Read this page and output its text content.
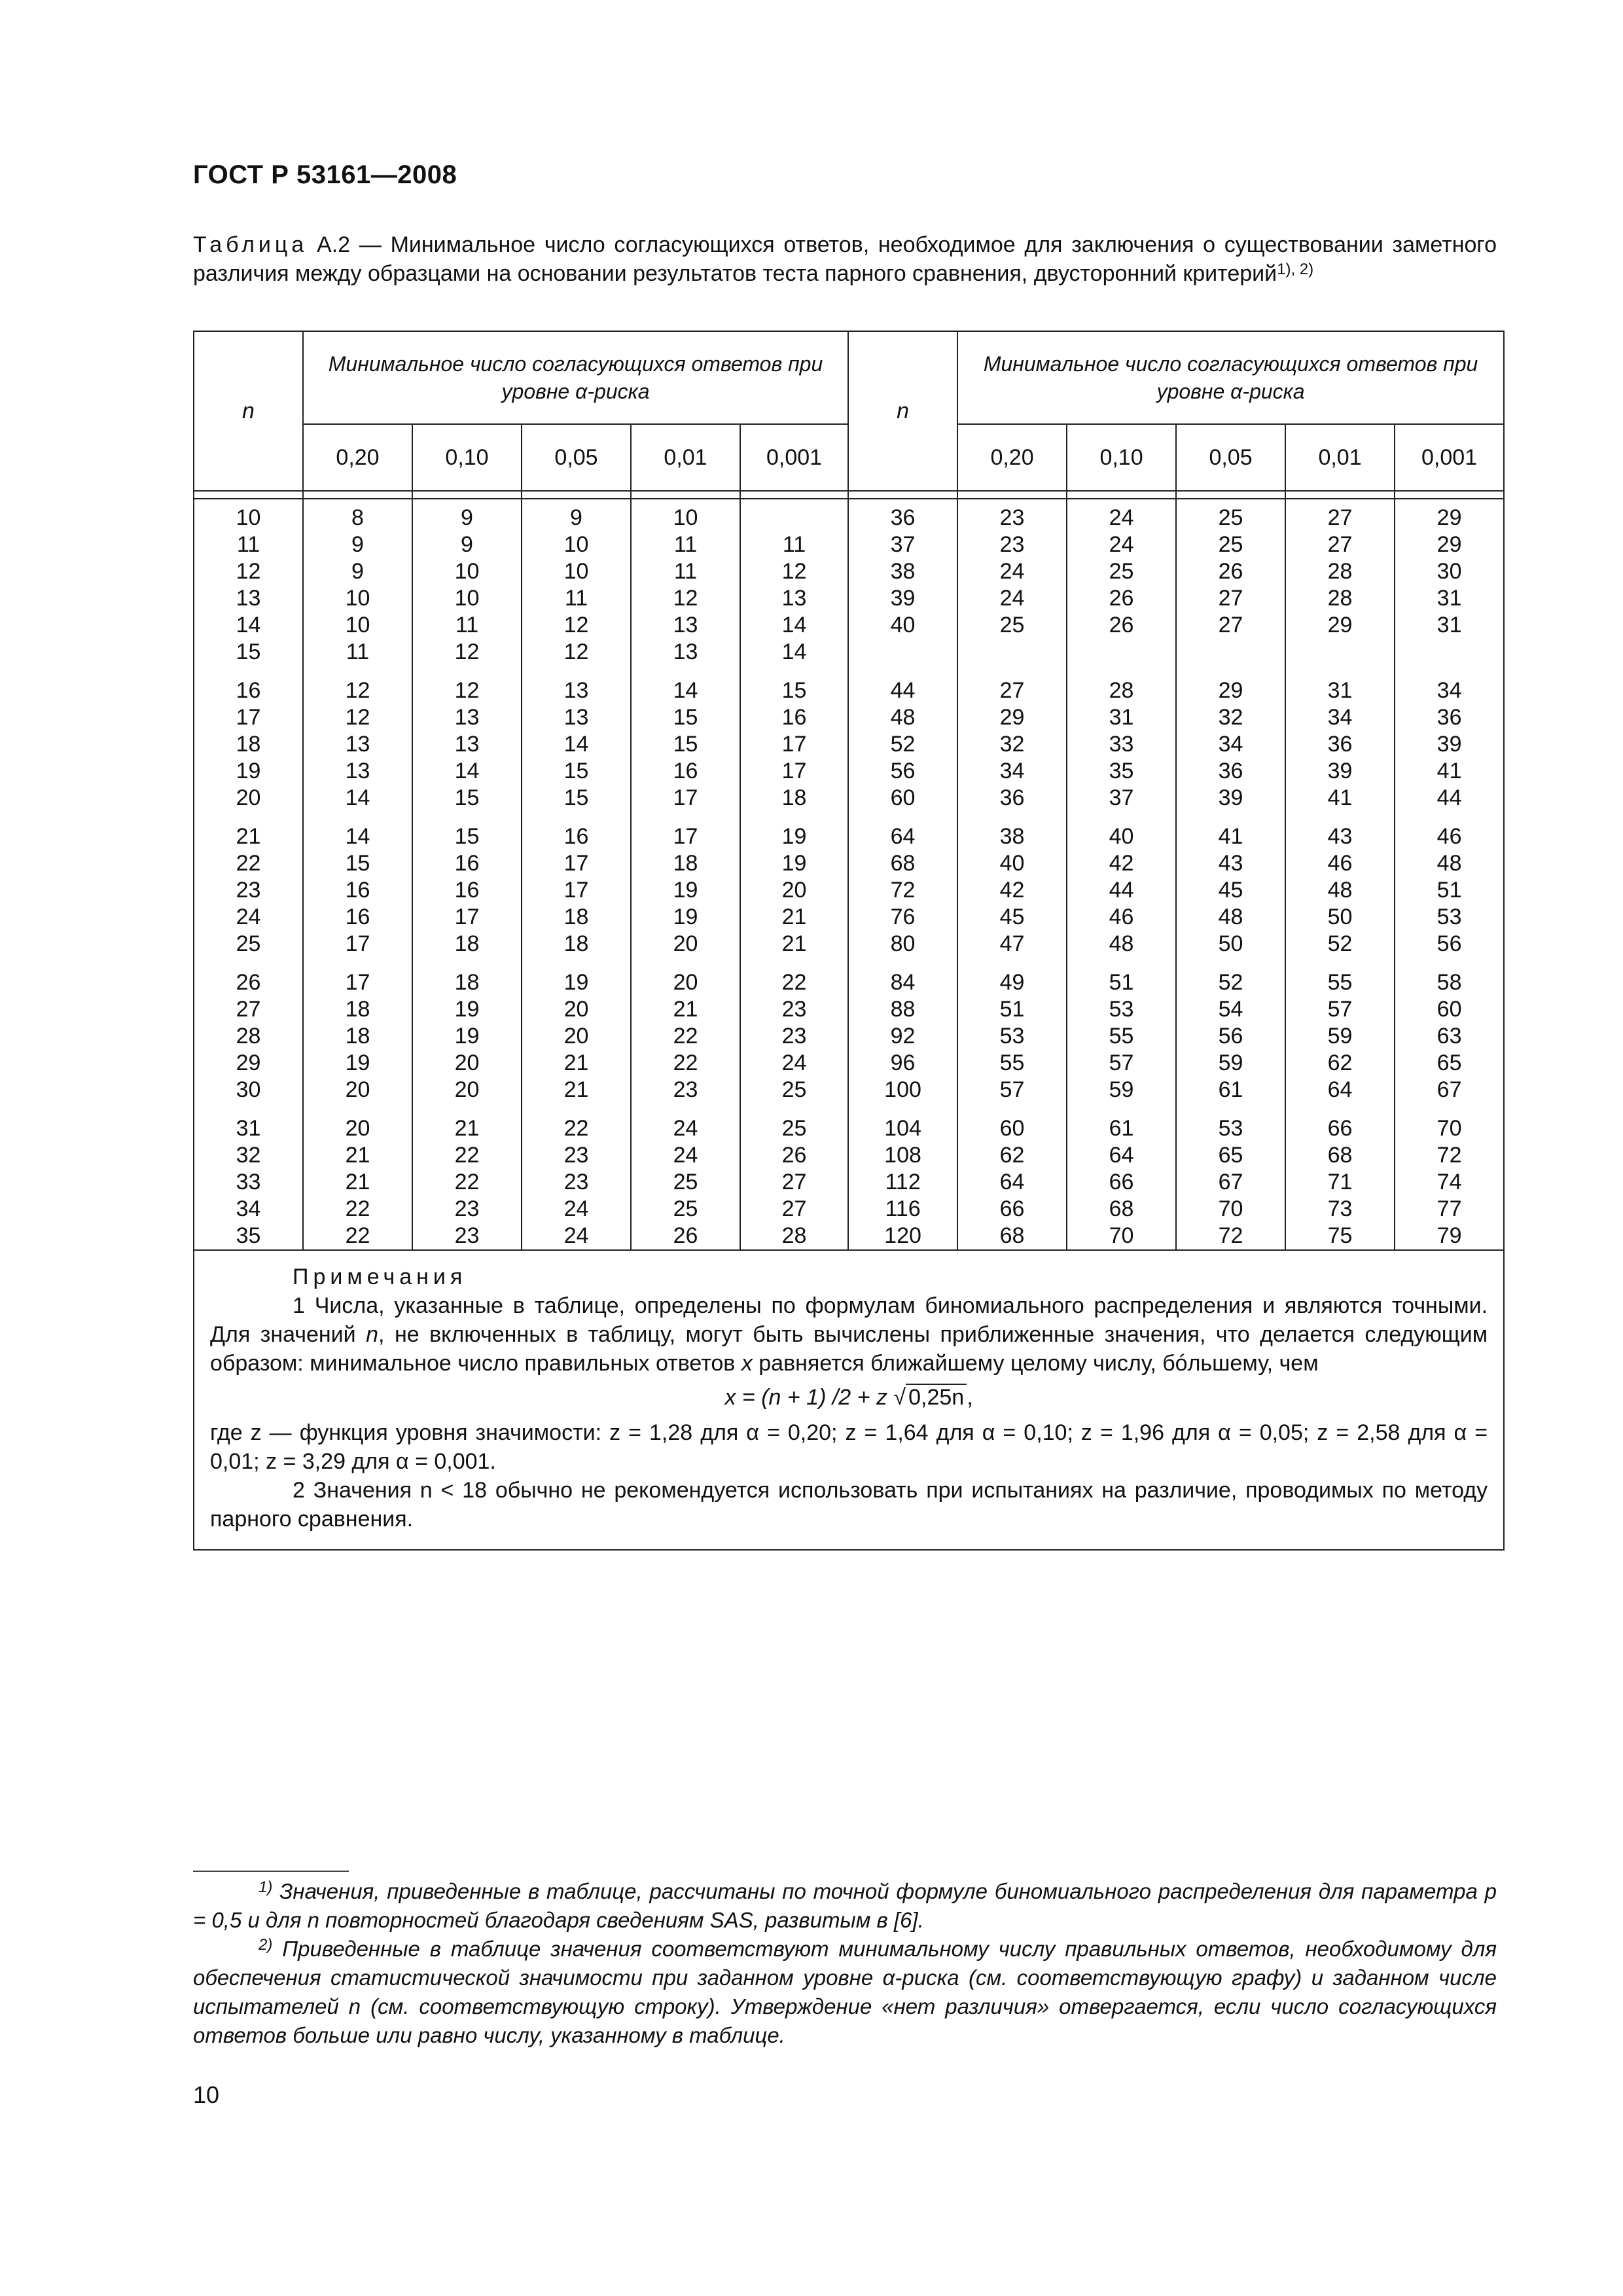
ГОСТ Р 53161—2008
Таблица А.2 — Минимальное число согласующихся ответов, необходимое для заключения о существовании заметного различия между образцами на основании результатов теста парного сравнения, двусторонний критерий$^{1), 2)}$
n	Минимальное число согласующихся ответов при уровне α-риска					n	Минимальное число согласующихся ответов при уровне α-риска				
	0,20	0,10	0,05	0,01	0,001		0,20	0,10	0,05	0,01	0,001

10	8	9	9	10		36	23	24	25	27	29
11	9	9	10	11	11	37	23	24	25	27	29
12	9	10	10	11	12	38	24	25	26	28	30
13	10	10	11	12	13	39	24	26	27	28	31
14	10	11	12	13	14	40	25	26	27	29	31
15	11	12	12	13	14						
16	12	12	13	14	15	44	27	28	29	31	34
17	12	13	13	15	16	48	29	31	32	34	36
18	13	13	14	15	17	52	32	33	34	36	39
19	13	14	15	16	17	56	34	35	36	39	41
20	14	15	15	17	18	60	36	37	39	41	44
21	14	15	16	17	19	64	38	40	41	43	46
22	15	16	17	18	19	68	40	42	43	46	48
23	16	16	17	19	20	72	42	44	45	48	51
24	16	17	18	19	21	76	45	46	48	50	53
25	17	18	18	20	21	80	47	48	50	52	56
26	17	18	19	20	22	84	49	51	52	55	58
27	18	19	20	21	23	88	51	53	54	57	60
28	18	19	20	22	23	92	53	55	56	59	63
29	19	20	21	22	24	96	55	57	59	62	65
30	20	20	21	23	25	100	57	59	61	64	67
31	20	21	22	24	25	104	60	61	53	66	70
32	21	22	23	24	26	108	62	64	65	68	72
33	21	22	23	25	27	112	64	66	67	71	74
34	22	23	24	25	27	116	66	68	70	73	77
35	22	23	24	26	28	120	68	70	72	75	79

Примечания
1 Числа, указанные в таблице, определены по формулам биномиального распределения и являются точными. Для значений n, не включенных в таблицу, могут быть вычислены приближенные значения, что делается следующим образом: минимальное число правильных ответов x равняется ближайшему целому числу, бóльшему, чем
x = (n + 1) /2 + z √ 0,25n ,
где z — функция уровня значимости: z = 1,28 для α = 0,20; z = 1,64 для α = 0,10; z = 1,96 для α = 0,05; z = 2,58 для α = 0,01; z = 3,29 для α = 0,001.
2 Значения n < 18 обычно не рекомендуется использовать при испытаниях на различие, проводимых по методу парного сравнения.											
$^{1)}$ Значения, приведенные в таблице, рассчитаны по точной формуле биномиального распределения для параметра p = 0,5 и для n повторностей благодаря сведениям SAS, развитым в [6].
$^{2)}$ Приведенные в таблице значения соответствуют минимальному числу правильных ответов, необходимому для обеспечения статистической значимости при заданном уровне α-риска (см. соответствующую графу) и заданном числе испытателей n (см. соответствующую строку). Утверждение «нет различия» отвергается, если число согласующихся ответов больше или равно числу, указанному в таблице.
10
